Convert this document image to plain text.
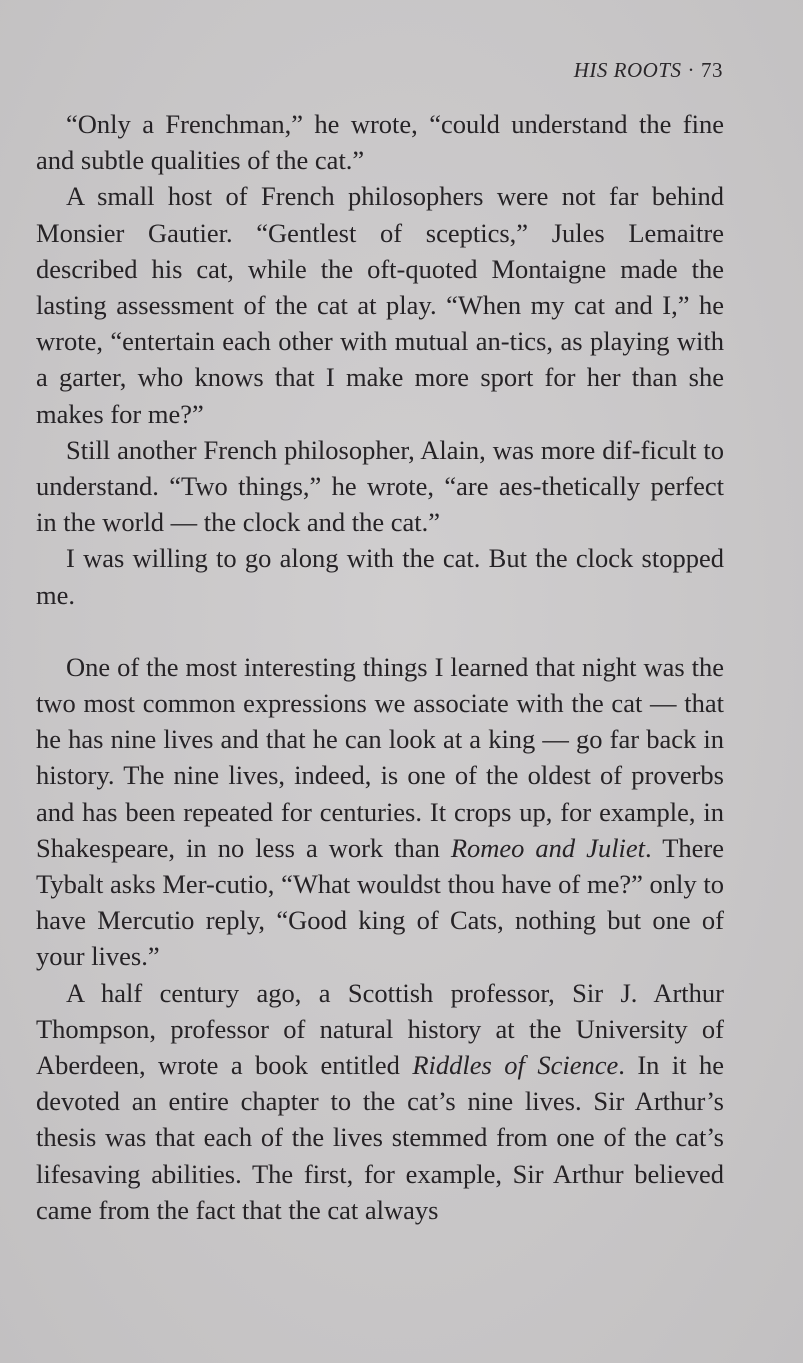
HIS ROOTS · 73

“Only a Frenchman,” he wrote, “could understand the fine and subtle qualities of the cat.”

A small host of French philosophers were not far behind Monsier Gautier. “Gentlest of sceptics,” Jules Lemaitre described his cat, while the oft-quoted Montaigne made the lasting assessment of the cat at play. “When my cat and I,” he wrote, “entertain each other with mutual an-tics, as playing with a garter, who knows that I make more sport for her than she makes for me?”

Still another French philosopher, Alain, was more dif-ficult to understand. “Two things,” he wrote, “are aes-thetically perfect in the world — the clock and the cat.”

I was willing to go along with the cat. But the clock stopped me.

One of the most interesting things I learned that night was the two most common expressions we associate with the cat — that he has nine lives and that he can look at a king — go far back in history. The nine lives, indeed, is one of the oldest of proverbs and has been repeated for centuries. It crops up, for example, in Shakespeare, in no less a work than Romeo and Juliet. There Tybalt asks Mer-cutio, “What wouldst thou have of me?” only to have Mercutio reply, “Good king of Cats, nothing but one of your lives.”

A half century ago, a Scottish professor, Sir J. Arthur Thompson, professor of natural history at the University of Aberdeen, wrote a book entitled Riddles of Science. In it he devoted an entire chapter to the cat’s nine lives. Sir Arthur’s thesis was that each of the lives stemmed from one of the cat’s lifesaving abilities. The first, for example, Sir Arthur believed came from the fact that the cat always
